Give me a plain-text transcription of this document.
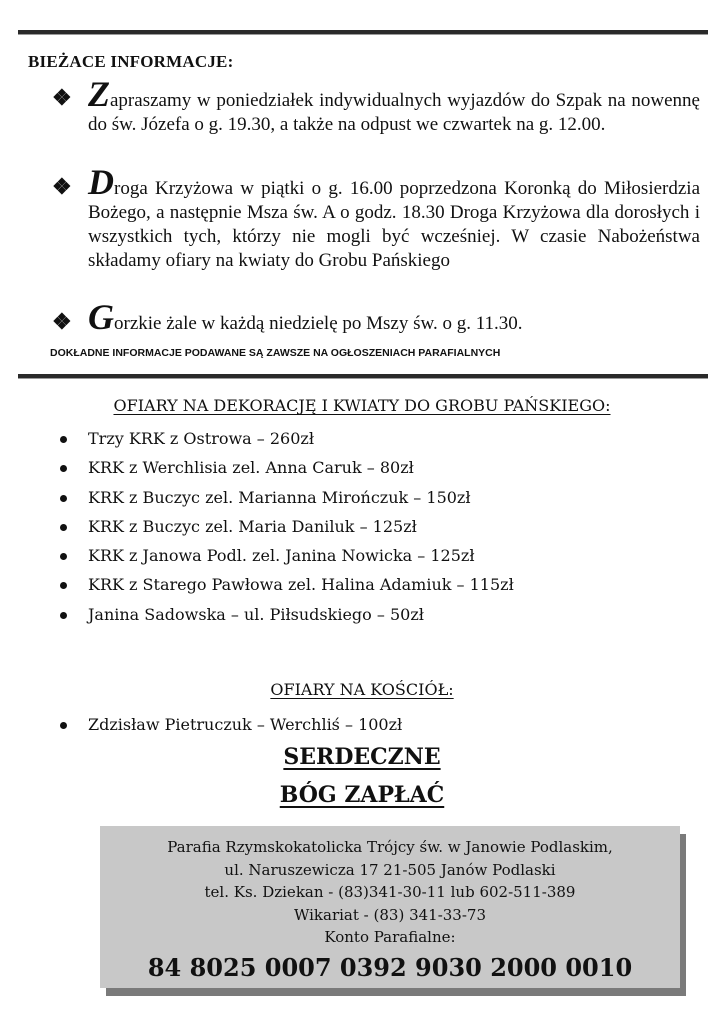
BIEŻACE INFORMACJE:
❖ Zapraszamy w poniedziałek indywidualnych wyjazdów do Szpak na nowennę do św. Józefa o g. 19.30, a także na odpust we czwartek na g. 12.00.
❖ Droga Krzyżowa w piątki o g. 16.00 poprzedzona Koronką do Miłosierdzia Bożego, a następnie Msza św. A o godz. 18.30 Droga Krzyżowa dla dorosłych i wszystkich tych, którzy nie mogli być wcześniej. W czasie Nabożeństwa składamy ofiary na kwiaty do Grobu Pańskiego
❖ Gorzkie żale w każdą niedzielę po Mszy św. o g. 11.30.
DOKŁADNE INFORMACJE PODAWANE SĄ ZAWSZE NA OGŁOSZENIACH PARAFIALNYCH
OFIARY NA DEKORACJĘ I KWIATY DO GROBU PAŃSKIEGO:
Trzy KRK z Ostrowa – 260zł
KRK z Werchlisia zel. Anna Caruk – 80zł
KRK z Buczyc zel. Marianna Mirończuk – 150zł
KRK z Buczyc zel. Maria Daniluk – 125zł
KRK z Janowa Podl. zel. Janina Nowicka – 125zł
KRK z Starego Pawłowa zel. Halina Adamiuk – 115zł
Janina Sadowska – ul. Piłsudskiego – 50zł
OFIARY NA KOŚCIÓŁ:
Zdzisław Pietruczuk – Werchliś – 100zł
SERDECZNE
BÓG ZAPŁAĆ
Parafia Rzymskokatolicka Trójcy św. w Janowie Podlaskim,
ul. Naruszewicza 17 21-505 Janów Podlaski
tel. Ks. Dziekan - (83)341-30-11 lub 602-511-389
Wikariat - (83) 341-33-73
Konto Parafialne:
84 8025 0007 0392 9030 2000 0010
